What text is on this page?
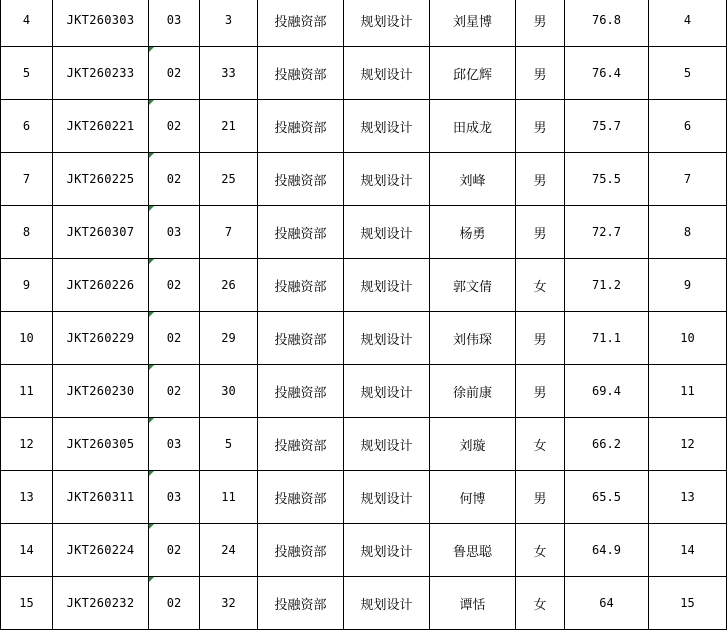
4	JKT260303	03	3	投融资部	规划设计	刘星博	男	76.8	4
5	JKT260233	02	33	投融资部	规划设计	邱亿辉	男	76.4	5
6	JKT260221	02	21	投融资部	规划设计	田成龙	男	75.7	6
7	JKT260225	02	25	投融资部	规划设计	刘峰	男	75.5	7
8	JKT260307	03	7	投融资部	规划设计	杨勇	男	72.7	8
9	JKT260226	02	26	投融资部	规划设计	郭文倩	女	71.2	9
10	JKT260229	02	29	投融资部	规划设计	刘伟琛	男	71.1	10
11	JKT260230	02	30	投融资部	规划设计	徐前康	男	69.4	11
12	JKT260305	03	5	投融资部	规划设计	刘璇	女	66.2	12
13	JKT260311	03	11	投融资部	规划设计	何博	男	65.5	13
14	JKT260224	02	24	投融资部	规划设计	鲁思聪	女	64.9	14
15	JKT260232	02	32	投融资部	规划设计	谭恬	女	64	15
